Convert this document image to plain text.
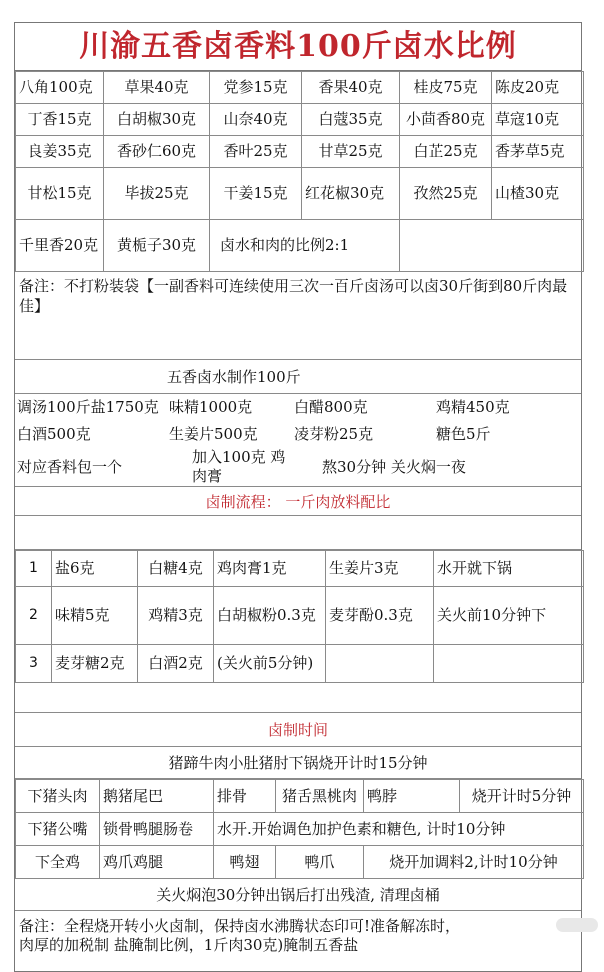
川渝五香卤香料100斤卤水比例
八角100克	草果40克	党参15克	香果40克	桂皮75克	陈皮20克
丁香15克	白胡椒30克	山奈40克	白蔻35克	小茴香80克	草寇10克
良姜35克	香砂仁60克	香叶25克	甘草25克	白芷25克	香茅草5克
甘松15克	毕拔25克	干姜15克	红花椒30克	孜然25克	山楂30克
千里香20克	黄栀子30克	卤水和肉的比例2:1			
备注：不打粉装袋【一副香料可连续使用三次一百斤卤汤可以卤30斤街到80斤肉最佳】
五香卤水制作100斤
调汤100斤盐1750克	味精1000克	白醋800克	鸡精450克
白酒500克	生姜片500克	凌芽粉25克	糖色5斤
对应香料包一个	加入100克 鸡肉膏	熬30分钟 关火焖一夜	
卤制流程： 一斤肉放料配比
1	盐6克	白糖4克	鸡肉膏1克	生姜片3克	水开就下锅
2	味精5克	鸡精3克	白胡椒粉0.3克	麦芽酚0.3克	关火前10分钟下
3	麦芽糖2克	白酒2克	(关火前5分钟)		
卤制时间
猪蹄牛肉小肚猪肘下锅烧开计时15分钟
下猪头肉	鹅猪尾巴	排骨	猪舌黑桃肉	鸭脖	烧开计时5分钟
下猪公嘴	锁骨鸭腿肠卷	水开.开始调色加护色素和糖色, 计时10分钟			
下全鸡	鸡爪鸡腿	鸭翅	鸭爪	烧开加调料2,计时10分钟	
关火焖泡30分钟出锅后打出残渣, 清理卤桶
备注：全程烧开转小火卤制，保持卤水沸腾状态印可!准备解冻时，
肉厚的加税制 盐腌制比例，1斤肉30克)腌制五香盐
